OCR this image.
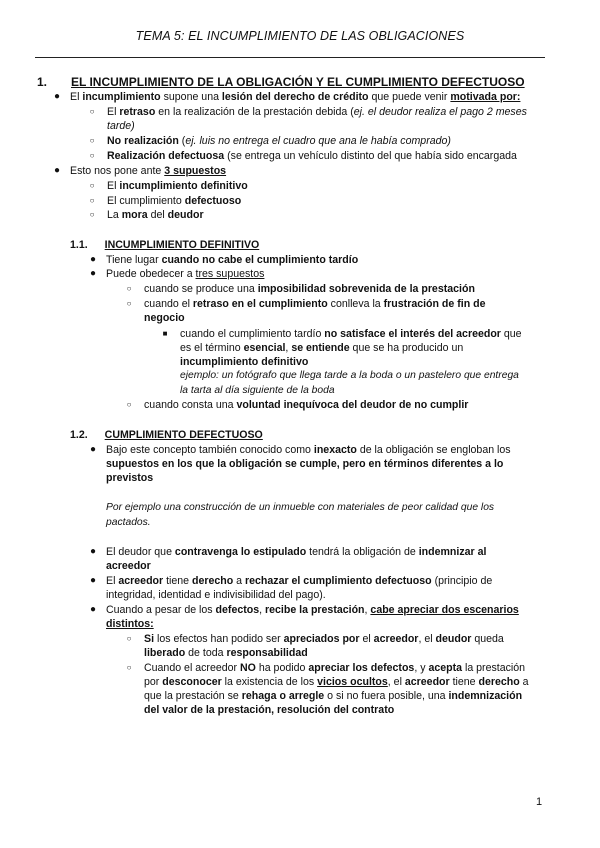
TEMA 5: EL INCUMPLIMIENTO DE LAS OBLIGACIONES
1. EL INCUMPLIMIENTO DE LA OBLIGACIÓN Y EL CUMPLIMIENTO DEFECTUOSO
● El incumplimiento supone una lesión del derecho de crédito que puede venir motivada por:
○ El retraso en la realización de la prestación debida (ej. el deudor realiza el pago 2 meses
tarde)
○ No realización (ej. luis no entrega el cuadro que ana le había comprado)
○ Realización defectuosa (se entrega un vehículo distinto del que había sido encargada
● Esto nos pone ante 3 supuestos
○ El incumplimiento definitivo
○ El cumplimiento defectuoso
○ La mora del deudor
1.1. INCUMPLIMIENTO DEFINITIVO
● Tiene lugar cuando no cabe el cumplimiento tardío
● Puede obedecer a tres supuestos
○ cuando se produce una imposibilidad sobrevenida de la prestación
○ cuando el retraso en el cumplimiento conlleva la frustración de fin de
negocio
■ cuando el cumplimiento tardío no satisface el interés del acreedor que
es el término esencial, se entiende que se ha producido un
incumplimiento definitivo
ejemplo: un fotógrafo que llega tarde a la boda o un pastelero que entrega
la tarta al día siguiente de la boda
○ cuando consta una voluntad inequívoca del deudor de no cumplir
1.2. CUMPLIMIENTO DEFECTUOSO
● Bajo este concepto también conocido como inexacto de la obligación se engloban los
supuestos en los que la obligación se cumple, pero en términos diferentes a lo
previstos
Por ejemplo una construcción de un inmueble con materiales de peor calidad que los
pactados.
● El deudor que contravenga lo estipulado tendrá la obligación de indemnizar al
acreedor
● El acreedor tiene derecho a rechazar el cumplimiento defectuoso (principio de
integridad, identidad e indivisibilidad del pago).
● Cuando a pesar de los defectos, recibe la prestación, cabe apreciar dos escenarios
distintos:
○ Si los efectos han podido ser apreciados por el acreedor, el deudor queda
liberado de toda responsabilidad
○ Cuando el acreedor NO ha podido apreciar los defectos, y acepta la prestación
por desconocer la existencia de los vicios ocultos, el acreedor tiene derecho a
que la prestación se rehaga o arregle o si no fuera posible, una indemnización
del valor de la prestación, resolución del contrato
1
